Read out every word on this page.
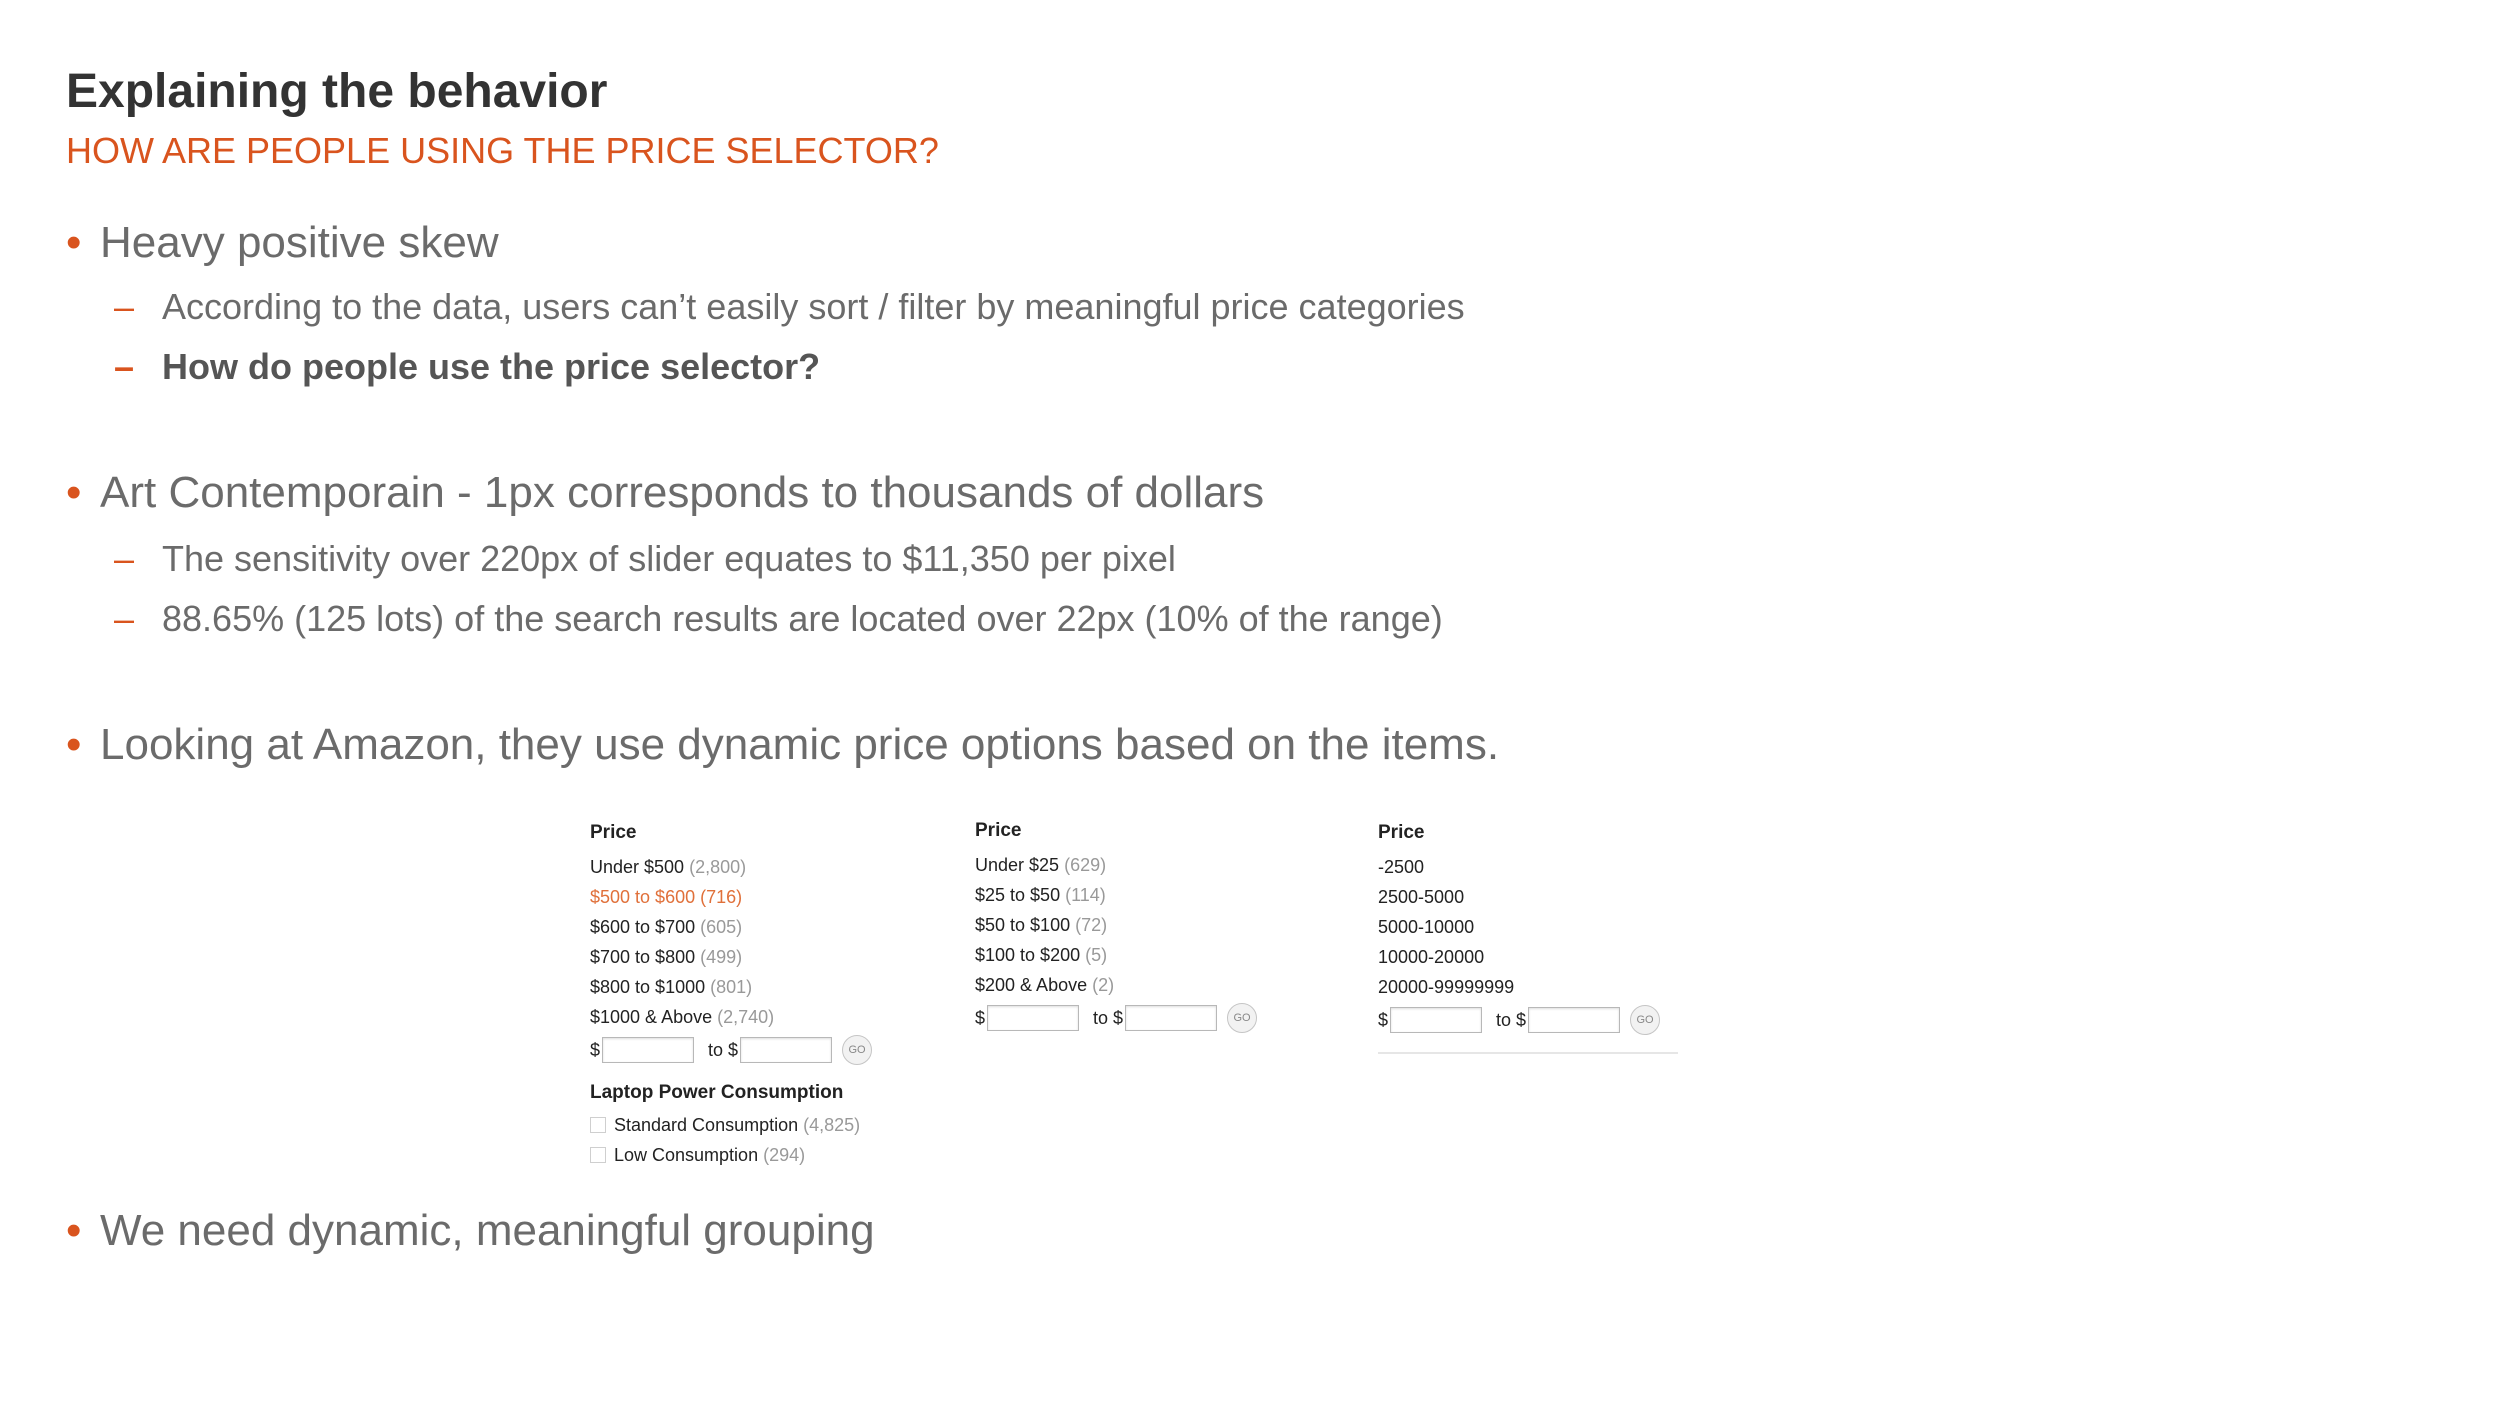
Explaining the behavior
HOW ARE PEOPLE USING THE PRICE SELECTOR?
• Heavy positive skew
– According to the data, users can’t easily sort / filter by meaningful price categories
– How do people use the price selector?
• Art Contemporain - 1px corresponds to thousands of dollars
– The sensitivity over 220px of slider equates to $11,350 per pixel
– 88.65% (125 lots) of the search results are located over 22px (10% of the range)
• Looking at Amazon, they use dynamic price options based on the items.
Price
Under $500 (2,800)
$500 to $600 (716)
$600 to $700 (605)
$700 to $800 (499)
$800 to $1000 (801)
$1000 & Above (2,740)
$	to $	GO
Laptop Power Consumption
Standard Consumption (4,825)
Low Consumption (294)
Price
Under $25 (629)
$25 to $50 (114)
$50 to $100 (72)
$100 to $200 (5)
$200 & Above (2)
$	to $	GO
Price
-2500
2500-5000
5000-10000
10000-20000
20000-99999999
$	to $	GO
• We need dynamic, meaningful grouping
